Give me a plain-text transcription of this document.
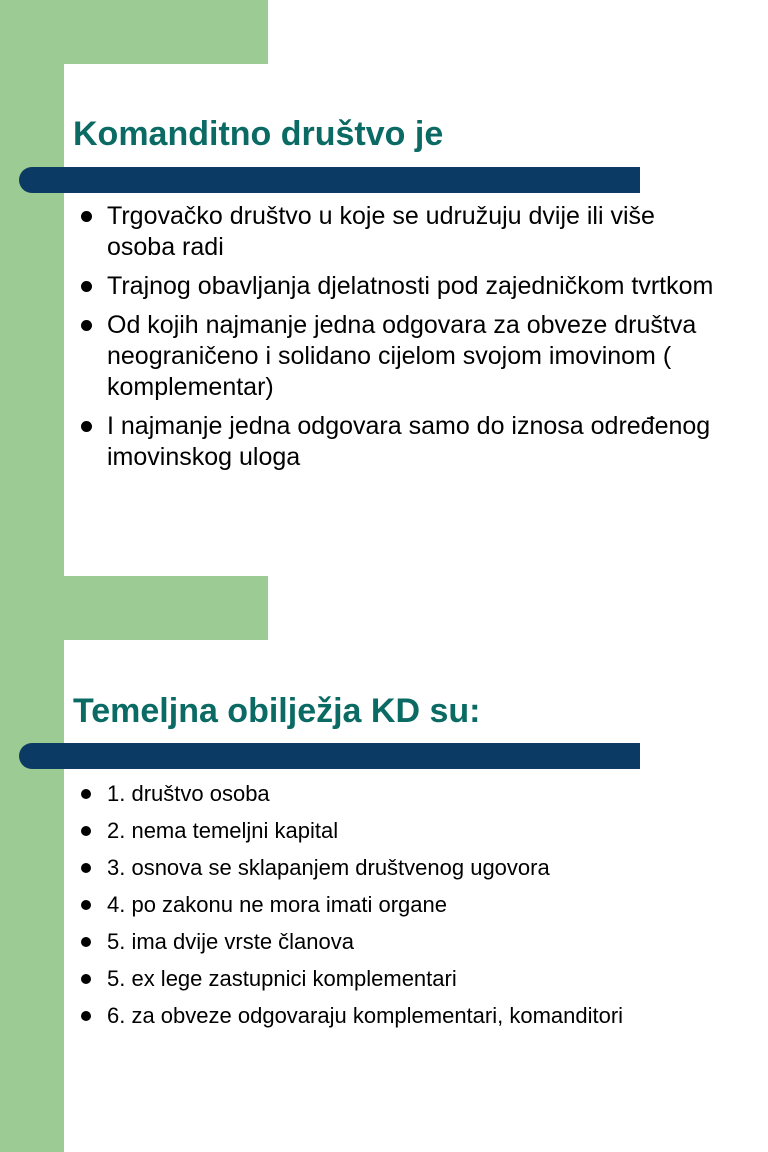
Komanditno društvo je
Trgovačko društvo u koje se udružuju dvije ili više osoba radi
Trajnog obavljanja djelatnosti pod zajedničkom tvrtkom
Od kojih najmanje jedna odgovara za obveze društva neograničeno i solidano cijelom svojom imovinom ( komplementar)
I najmanje jedna odgovara samo do iznosa određenog imovinskog uloga
Temeljna obilježja KD su:
1. društvo osoba
2. nema temeljni kapital
3. osnova se sklapanjem društvenog ugovora
4. po zakonu ne mora imati organe
5. ima dvije vrste članova
5. ex lege zastupnici komplementari
6. za obveze odgovaraju komplementari, komanditori
